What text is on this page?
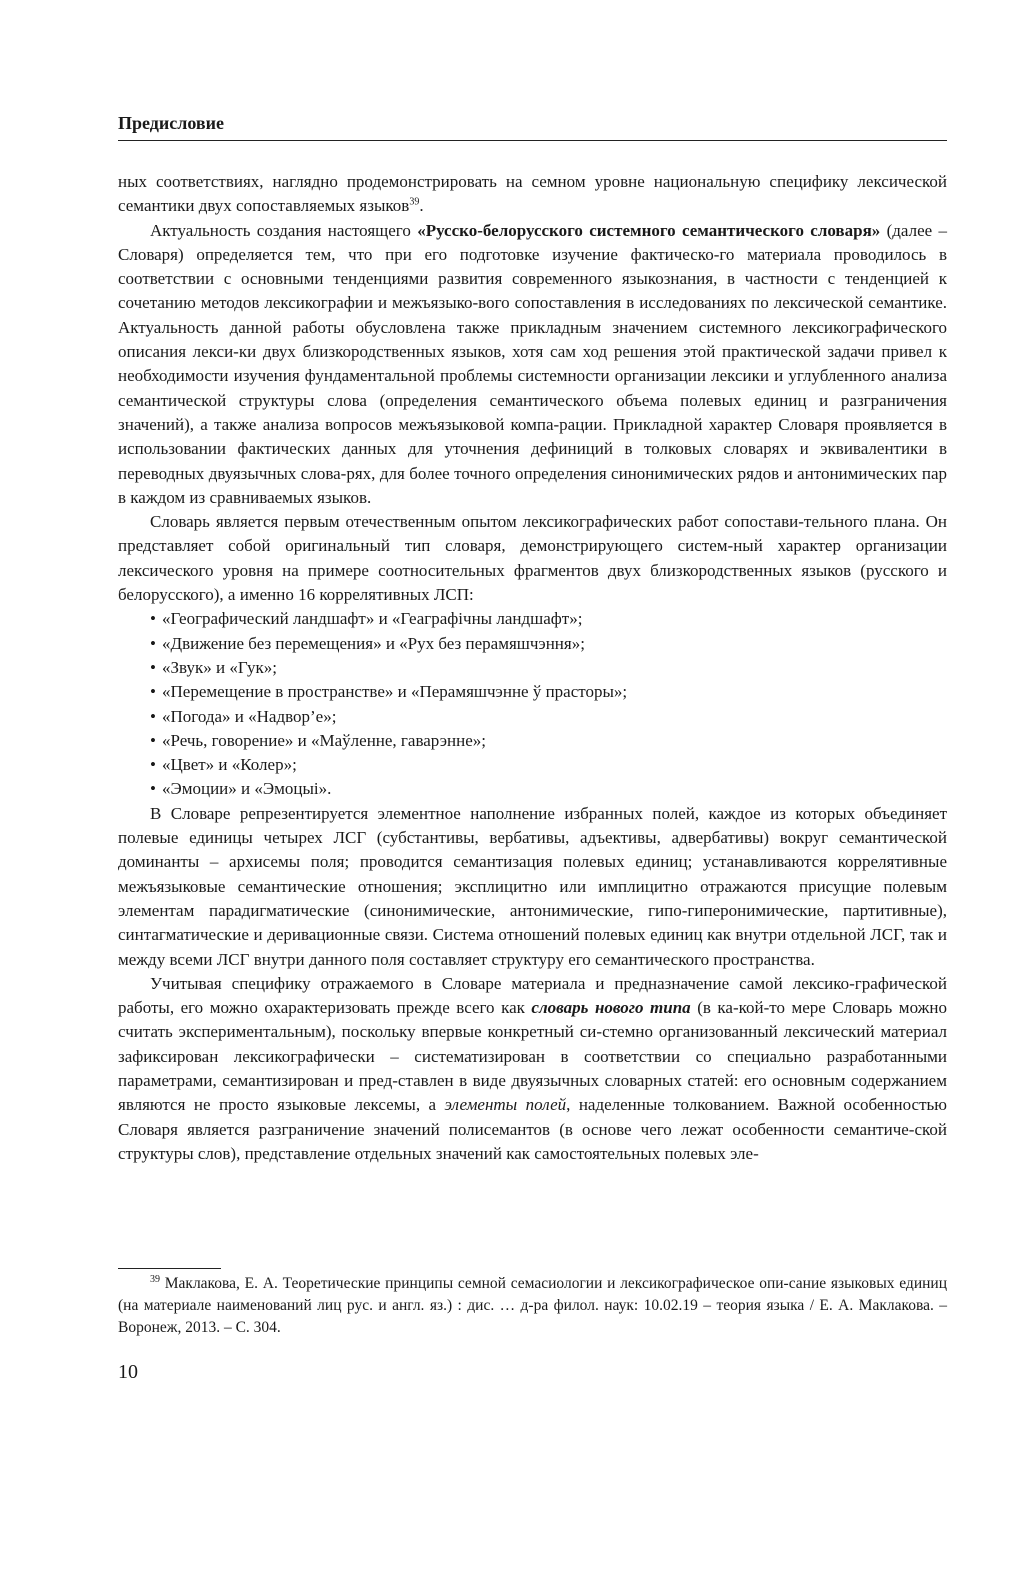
Предисловие

ных соответствиях, наглядно продемонстрировать на семном уровне национальную специфику лексической семантики двух сопоставляемых языков$^{39}$.

Актуальность создания настоящего «Русско-белорусского системного семантического словаря» (далее – Словаря) определяется тем, что при его подготовке изучение фактическо-го материала проводилось в соответствии с основными тенденциями развития современного языкознания, в частности с тенденцией к сочетанию методов лексикографии и межъязыко-вого сопоставления в исследованиях по лексической семантике. Актуальность данной работы обусловлена также прикладным значением системного лексикографического описания лекси-ки двух близкородственных языков, хотя сам ход решения этой практической задачи привел к необходимости изучения фундаментальной проблемы системности организации лексики и углубленного анализа семантической структуры слова (определения семантического объема полевых единиц и разграничения значений), а также анализа вопросов межъязыковой компа-рации. Прикладной характер Словаря проявляется в использовании фактических данных для уточнения дефиниций в толковых словарях и эквивалентики в переводных двуязычных слова-рях, для более точного определения синонимических рядов и антонимических пар в каждом из сравниваемых языков.

Словарь является первым отечественным опытом лексикографических работ сопостави-тельного плана. Он представляет собой оригинальный тип словаря, демонстрирующего систем-ный характер организации лексического уровня на примере соотносительных фрагментов двух близкородственных языков (русского и белорусского), а именно 16 коррелятивных ЛСП:

• «Географический ландшафт» и «Геаграфічны ландшафт»;
• «Движение без перемещения» и «Рух без перамяшчэння»;
• «Звук» и «Гук»;
• «Перемещение в пространстве» и «Перамяшчэнне ў прасторы»;
• «Погода» и «Надвор’е»;
• «Речь, говорение» и «Маўленне, гаварэнне»;
• «Цвет» и «Колер»;
• «Эмоции» и «Эмоцыі».

В Словаре репрезентируется элементное наполнение избранных полей, каждое из которых объединяет полевые единицы четырех ЛСГ (субстантивы, вербативы, адъективы, адвербативы) вокруг семантической доминанты – архисемы поля; проводится семантизация полевых единиц; устанавливаются коррелятивные межъязыковые семантические отношения; эксплицитно или имплицитно отражаются присущие полевым элементам парадигматические (синонимические, антонимические, гипо-гиперонимические, партитивные), синтагматические и деривационные связи. Система отношений полевых единиц как внутри отдельной ЛСГ, так и между всеми ЛСГ внутри данного поля составляет структуру его семантического пространства.

Учитывая специфику отражаемого в Словаре материала и предназначение самой лексико-графической работы, его можно охарактеризовать прежде всего как словарь нового типа (в ка-кой-то мере Словарь можно считать экспериментальным), поскольку впервые конкретный си-стемно организованный лексический материал зафиксирован лексикографически – систематизирован в соответствии со специально разработанными параметрами, семантизирован и пред-ставлен в виде двуязычных словарных статей: его основным содержанием являются не просто языковые лексемы, а элементы полей, наделенные толкованием. Важной особенностью Словаря является разграничение значений полисемантов (в основе чего лежат особенности семантиче-ской структуры слов), представление отдельных значений как самостоятельных полевых эле-

$^{39}$ Маклакова, Е. А. Теоретические принципы семной семасиологии и лексикографическое опи-сание языковых единиц (на материале наименований лиц рус. и англ. яз.) : дис. … д-ра филол. наук: 10.02.19 – теория языка / Е. А. Маклакова. – Воронеж, 2013. – С. 304.

10
